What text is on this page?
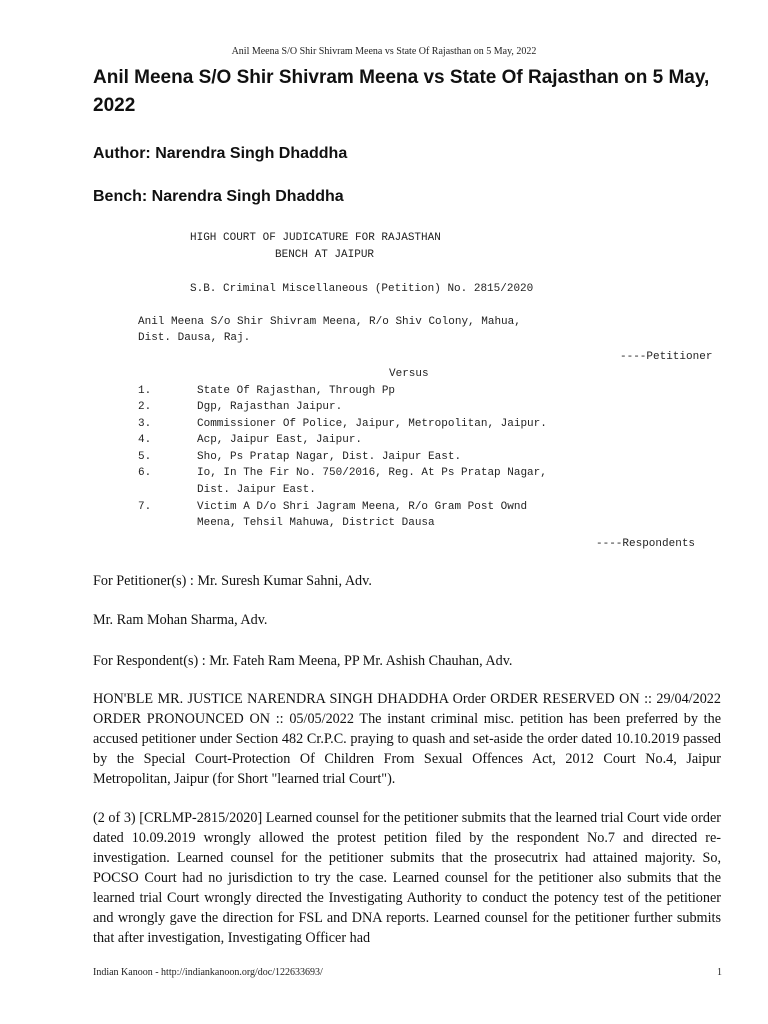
Anil Meena S/O Shir Shivram Meena vs State Of Rajasthan on 5 May, 2022
Anil Meena S/O Shir Shivram Meena vs State Of Rajasthan on 5 May, 2022

Author: Narendra Singh Dhaddha

Bench: Narendra Singh Dhaddha

HIGH COURT OF JUDICATURE FOR RAJASTHAN
BENCH AT JAIPUR
S.B. Criminal Miscellaneous (Petition) No. 2815/2020
Anil Meena S/o Shir Shivram Meena, R/o Shiv Colony, Mahua,
Dist. Dausa, Raj.
----Petitioner
Versus
1.	State Of Rajasthan, Through Pp
2.	Dgp, Rajasthan Jaipur.
3.	Commissioner Of Police, Jaipur, Metropolitan, Jaipur.
4.	Acp, Jaipur East, Jaipur.
5.	Sho, Ps Pratap Nagar, Dist. Jaipur East.
6.	Io, In The Fir No. 750/2016, Reg. At Ps Pratap Nagar,
Dist. Jaipur East.
7.	Victim A D/o Shri Jagram Meena, R/o Gram Post Ownd
Meena, Tehsil Mahuwa, District Dausa
----Respondents

For Petitioner(s) : Mr. Suresh Kumar Sahni, Adv.

Mr. Ram Mohan Sharma, Adv.

For Respondent(s) : Mr. Fateh Ram Meena, PP Mr. Ashish Chauhan, Adv.

HON'BLE MR. JUSTICE NARENDRA SINGH DHADDHA Order ORDER RESERVED ON :: 29/04/2022 ORDER PRONOUNCED ON :: 05/05/2022 The instant criminal misc. petition has been preferred by the accused petitioner under Section 482 Cr.P.C. praying to quash and set-aside the order dated 10.10.2019 passed by the Special Court-Protection Of Children From Sexual Offences Act, 2012 Court No.4, Jaipur Metropolitan, Jaipur (for Short "learned trial Court").

(2 of 3) [CRLMP-2815/2020] Learned counsel for the petitioner submits that the learned trial Court vide order dated 10.09.2019 wrongly allowed the protest petition filed by the respondent No.7 and directed re-investigation. Learned counsel for the petitioner submits that the prosecutrix had attained majority. So, POCSO Court had no jurisdiction to try the case. Learned counsel for the petitioner also submits that the learned trial Court wrongly directed the Investigating Authority to conduct the potency test of the petitioner and wrongly gave the direction for FSL and DNA reports. Learned counsel for the petitioner further submits that after investigation, Investigating Officer had

Indian Kanoon - http://indiankanoon.org/doc/122633693/	1
